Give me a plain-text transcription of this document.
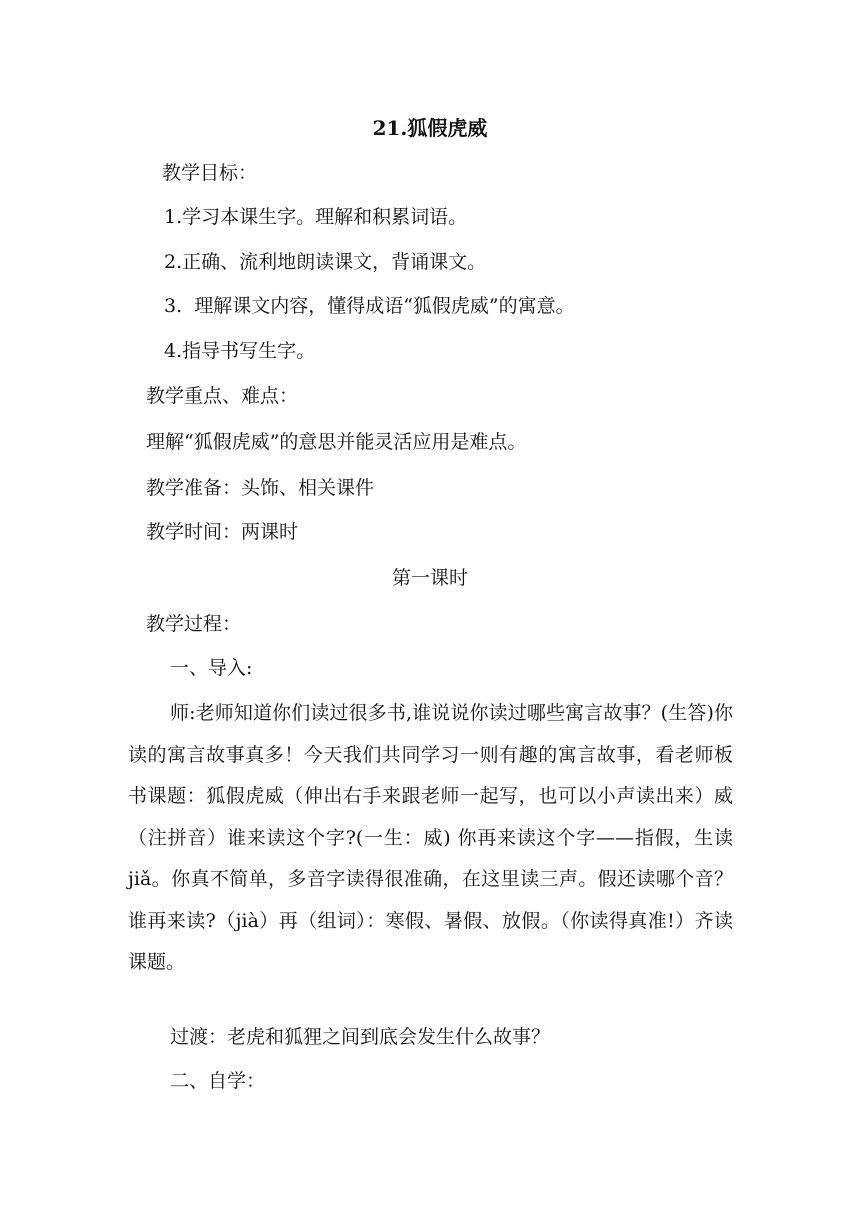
21.狐假虎威
教学目标：
1.学习本课生字。理解和积累词语。
2.正确、流利地朗读课文，背诵课文。
3.  理解课文内容，懂得成语“狐假虎威”的寓意。
4.指导书写生字。
教学重点、难点：
理解“狐假虎威”的意思并能灵活应用是难点。
教学准备：头饰、相关课件
教学时间：两课时
第一课时
教学过程：
一、导入:
师:老师知道你们读过很多书,谁说说你读过哪些寓言故事？(生答)你读的寓言故事真多！今天我们共同学习一则有趣的寓言故事，看老师板书课题：狐假虎威（伸出右手来跟老师一起写，也可以小声读出来）威（注拼音）谁来读这个字?(一生：威) 你再来读这个字——指假，生读 jiǎ。你真不简单，多音字读得很准确，在这里读三声。假还读哪个音？谁再来读?（jià）再（组词）：寒假、暑假、放假。（你读得真准!）齐读课题。
过渡：老虎和狐狸之间到底会发生什么故事？
二、自学：
